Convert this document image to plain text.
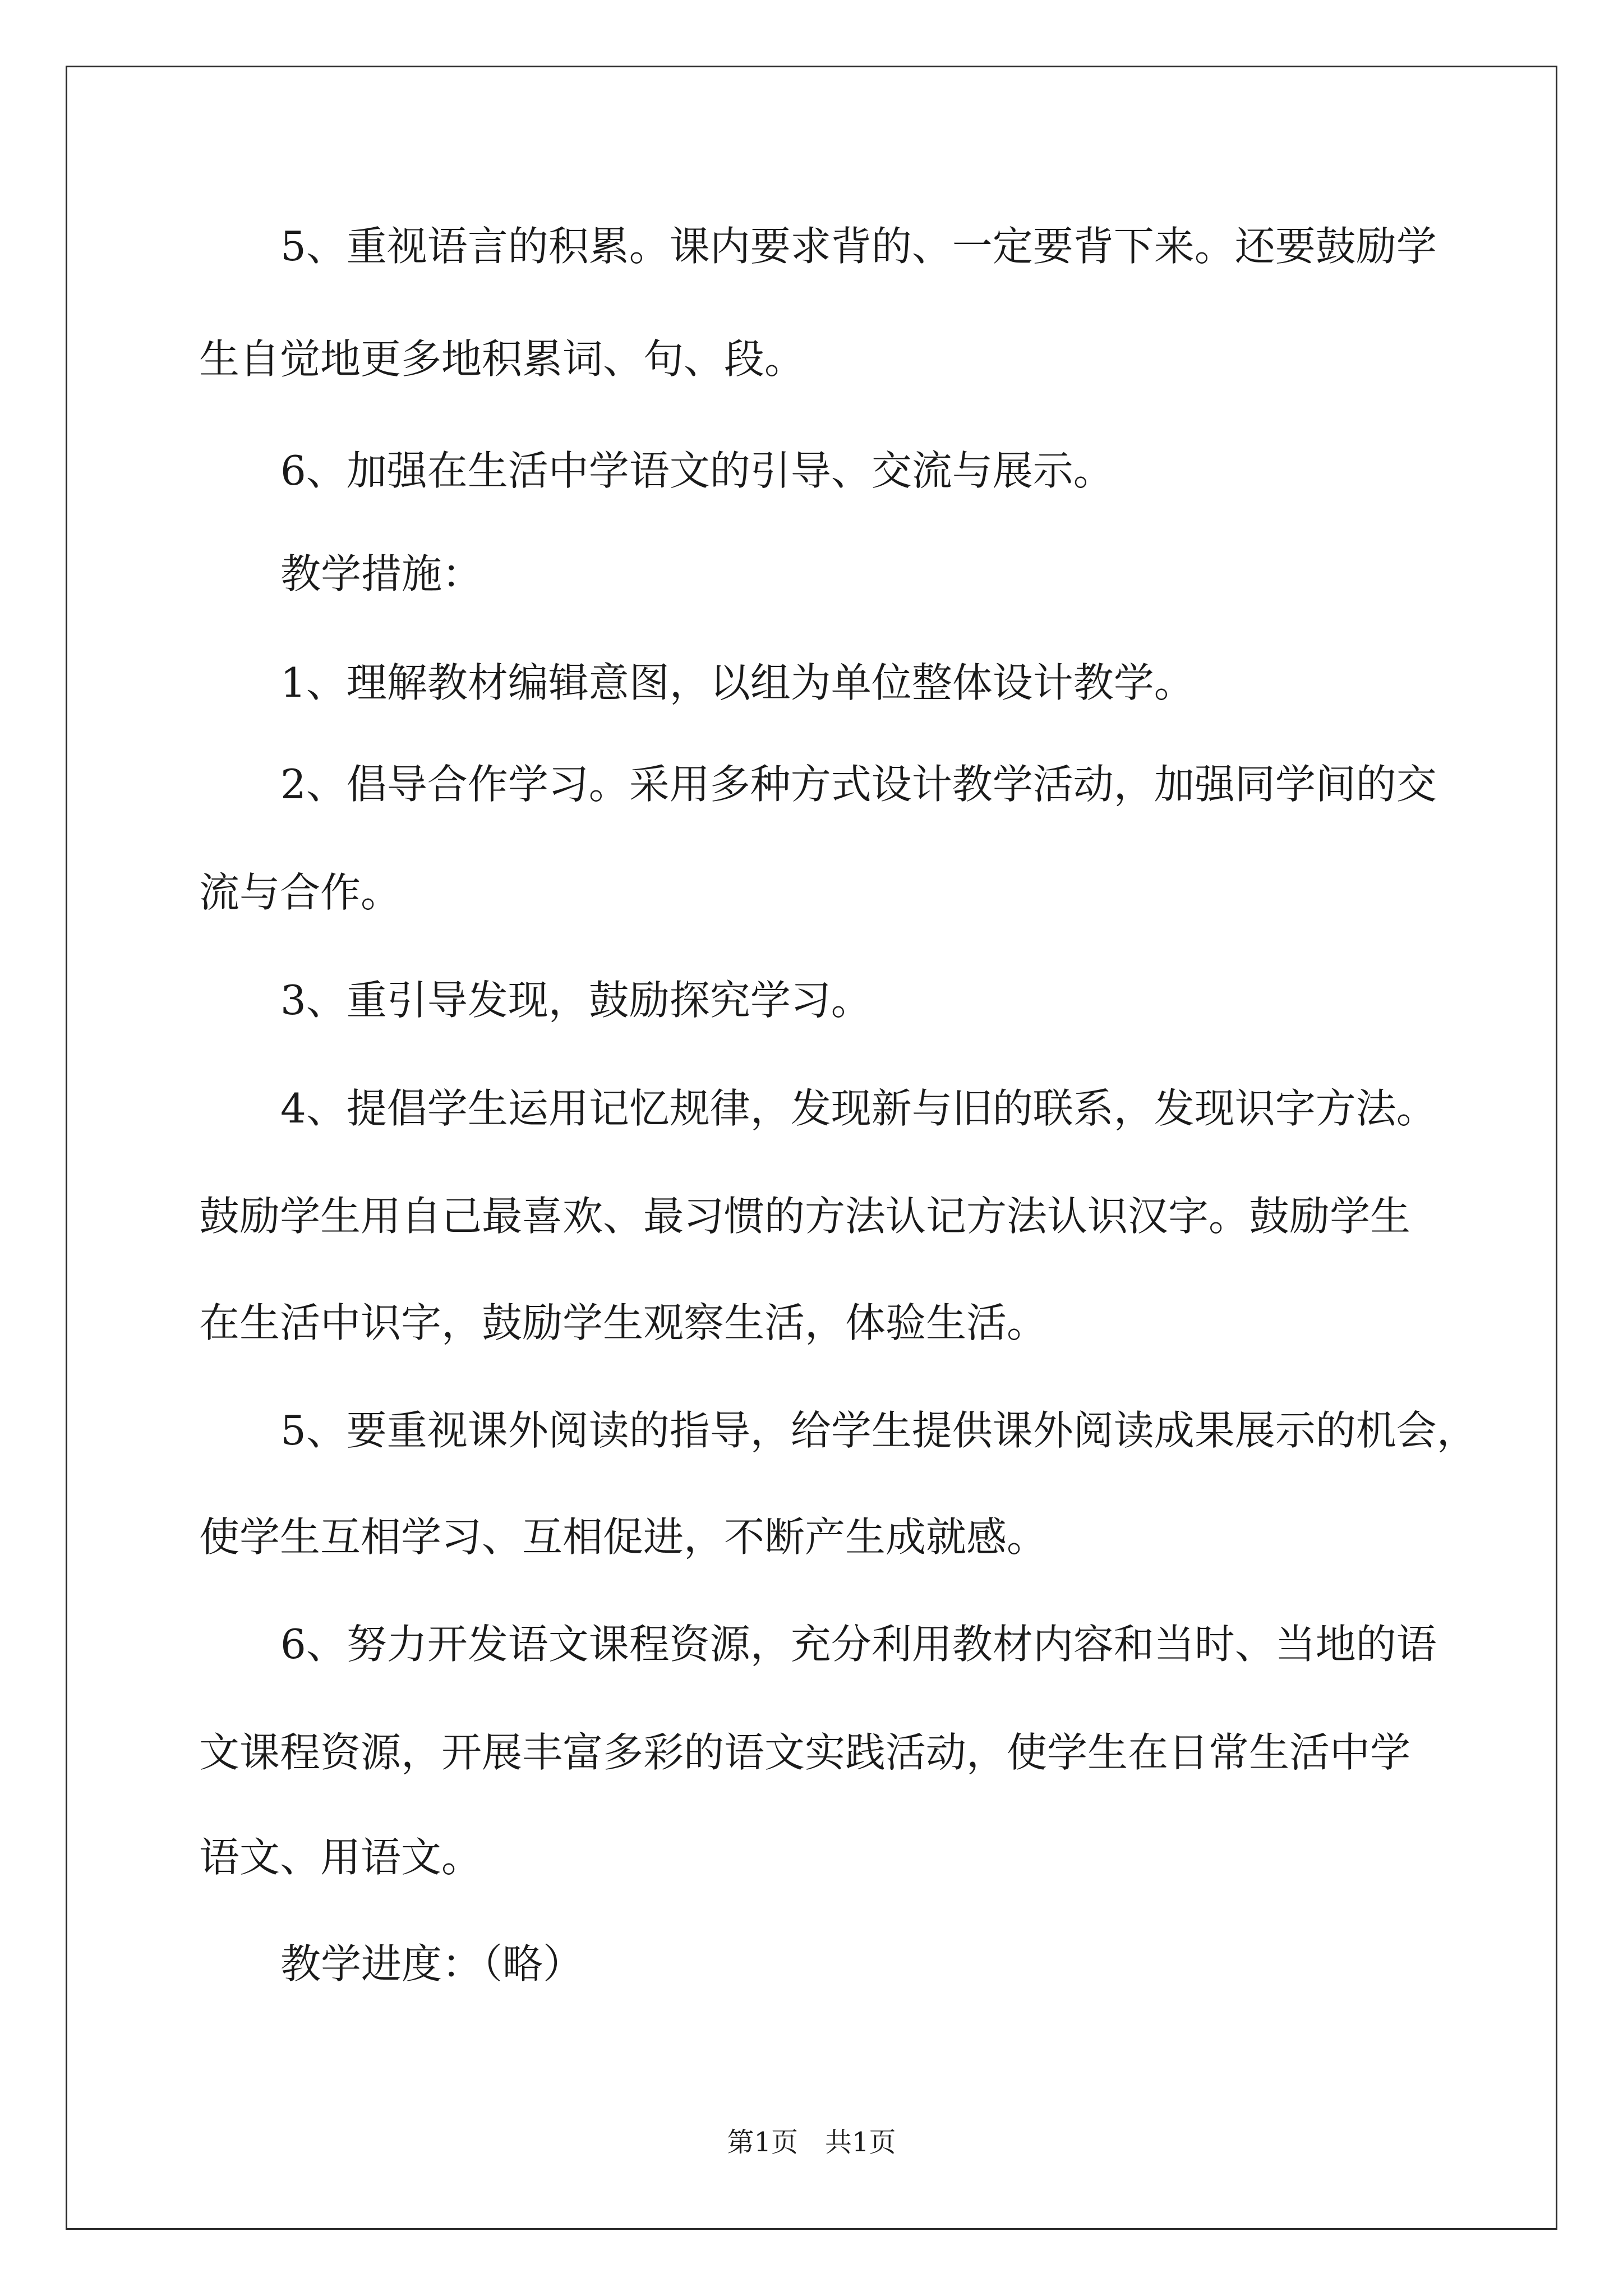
5、重视语言的积累。课内要求背的、一定要背下来。还要鼓励学
生自觉地更多地积累词、句、段。
6、加强在生活中学语文的引导、交流与展示。
教学措施：
1、理解教材编辑意图，以组为单位整体设计教学。
2、倡导合作学习。采用多种方式设计教学活动，加强同学间的交
流与合作。
3、重引导发现，鼓励探究学习。
4、提倡学生运用记忆规律，发现新与旧的联系，发现识字方法。
鼓励学生用自己最喜欢、最习惯的方法认记方法认识汉字。鼓励学生
在生活中识字，鼓励学生观察生活，体验生活。
5、要重视课外阅读的指导，给学生提供课外阅读成果展示的机会，
使学生互相学习、互相促进，不断产生成就感。
6、努力开发语文课程资源，充分利用教材内容和当时、当地的语
文课程资源，开展丰富多彩的语文实践活动，使学生在日常生活中学
语文、用语文。
教学进度：（略）
第1页　共1页
